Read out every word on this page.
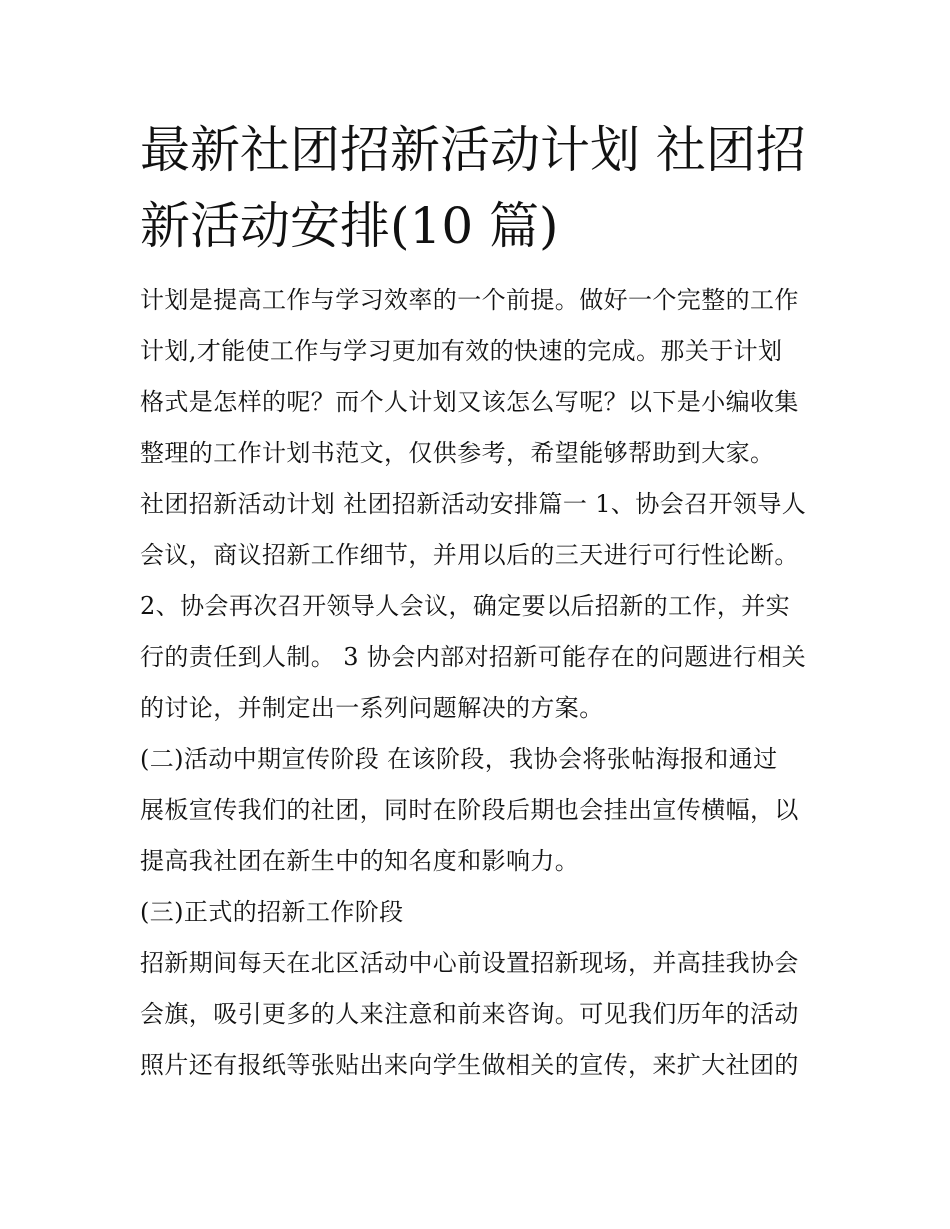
最新社团招新活动计划 社团招
新活动安排(10 篇)
计划是提高工作与学习效率的一个前提。做好一个完整的工作
计划,才能使工作与学习更加有效的快速的完成。那关于计划
格式是怎样的呢？而个人计划又该怎么写呢？以下是小编收集
整理的工作计划书范文，仅供参考，希望能够帮助到大家。
社团招新活动计划 社团招新活动安排篇一 1、协会召开领导人
会议，商议招新工作细节，并用以后的三天进行可行性论断。
2、协会再次召开领导人会议，确定要以后招新的工作，并实
行的责任到人制。 3 协会内部对招新可能存在的问题进行相关
的讨论，并制定出一系列问题解决的方案。
(二)活动中期宣传阶段 在该阶段，我协会将张帖海报和通过
展板宣传我们的社团，同时在阶段后期也会挂出宣传横幅，以
提高我社团在新生中的知名度和影响力。
(三)正式的招新工作阶段
招新期间每天在北区活动中心前设置招新现场，并高挂我协会
会旗，吸引更多的人来注意和前来咨询。可见我们历年的活动
照片还有报纸等张贴出来向学生做相关的宣传，来扩大社团的
